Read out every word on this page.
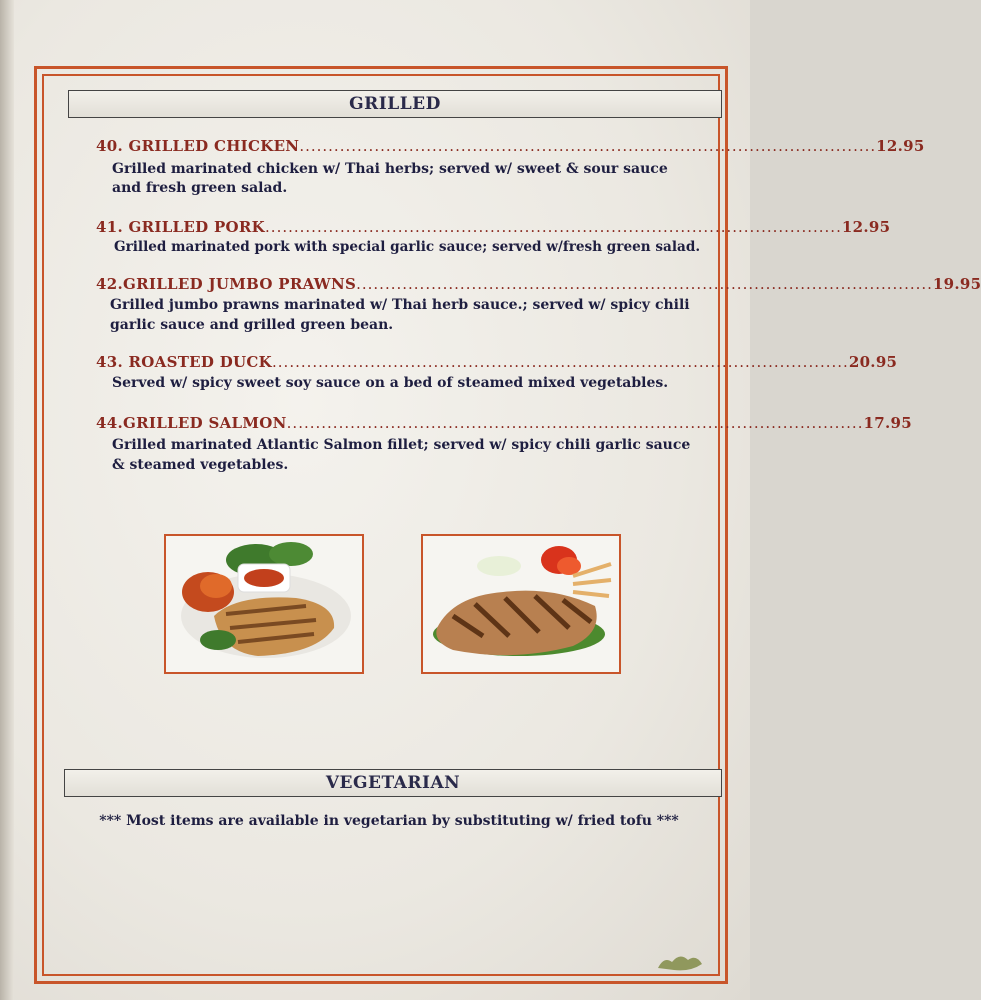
GRILLED
40. GRILLED CHICKEN .................................................................................................... 12.95
Grilled marinated chicken w/ Thai herbs; served w/ sweet & sour sauce
and fresh green salad.
41. GRILLED PORK .................................................................................................... 12.95
Grilled marinated pork with special garlic sauce; served w/fresh green salad.
42.GRILLED JUMBO PRAWNS .................................................................................................... 19.95
Grilled jumbo prawns marinated w/ Thai herb sauce.; served w/ spicy chili
garlic sauce and grilled green bean.
43. ROASTED DUCK .................................................................................................... 20.95
Served w/ spicy sweet soy sauce on a bed of steamed mixed vegetables.
44.GRILLED SALMON .................................................................................................... 17.95
Grilled marinated Atlantic Salmon fillet; served w/ spicy chili garlic sauce
& steamed vegetables.
VEGETARIAN
*** Most items are available in vegetarian by substituting w/ fried tofu ***
